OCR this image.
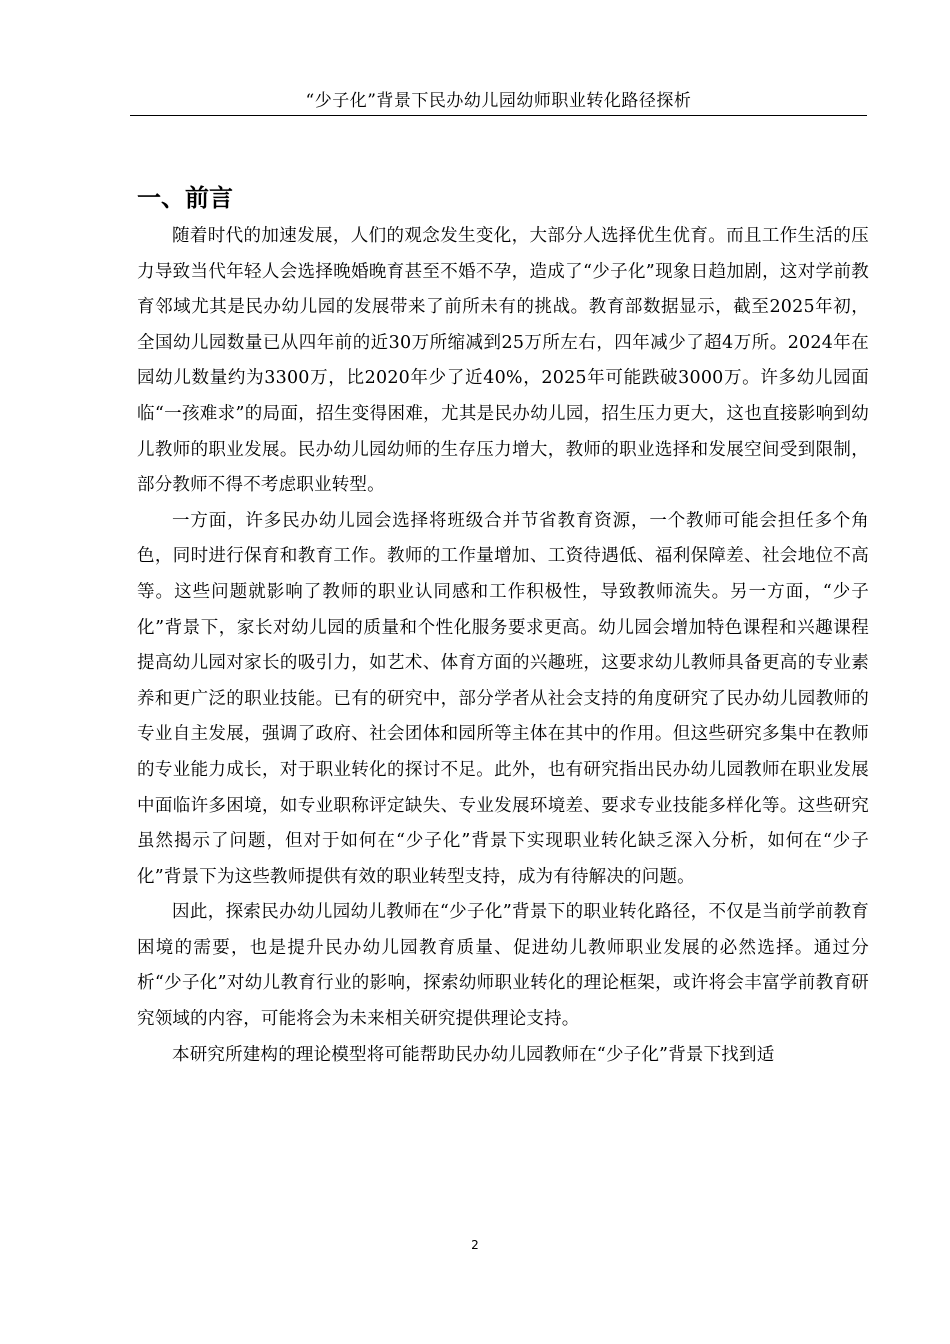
“少子化”背景下民办幼儿园幼师职业转化路径探析
一、前言

随着时代的加速发展，人们的观念发生变化，大部分人选择优生优育。而且工作生活的压力导致当代年轻人会选择晚婚晚育甚至不婚不孕，造成了“少子化”现象日趋加剧，这对学前教育邻域尤其是民办幼儿园的发展带来了前所未有的挑战。教育部数据显示，截至2025年初，全国幼儿园数量已从四年前的近30万所缩减到25万所左右，四年减少了超4万所。2024年在园幼儿数量约为3300万，比2020年少了近40%，2025年可能跌破3000万。许多幼儿园面临“一孩难求”的局面，招生变得困难，尤其是民办幼儿园，招生压力更大，这也直接影响到幼儿教师的职业发展。民办幼儿园幼师的生存压力增大，教师的职业选择和发展空间受到限制，部分教师不得不考虑职业转型。

一方面，许多民办幼儿园会选择将班级合并节省教育资源，一个教师可能会担任多个角色，同时进行保育和教育工作。教师的工作量增加、工资待遇低、福利保障差、社会地位不高等。这些问题就影响了教师的职业认同感和工作积极性，导致教师流失。另一方面，“少子化”背景下，家长对幼儿园的质量和个性化服务要求更高。幼儿园会增加特色课程和兴趣课程提高幼儿园对家长的吸引力，如艺术、体育方面的兴趣班，这要求幼儿教师具备更高的专业素养和更广泛的职业技能。已有的研究中，部分学者从社会支持的角度研究了民办幼儿园教师的专业自主发展，强调了政府、社会团体和园所等主体在其中的作用。但这些研究多集中在教师的专业能力成长，对于职业转化的探讨不足。此外，也有研究指出民办幼儿园教师在职业发展中面临许多困境，如专业职称评定缺失、专业发展环境差、要求专业技能多样化等。这些研究虽然揭示了问题，但对于如何在“少子化”背景下实现职业转化缺乏深入分析，如何在“少子化”背景下为这些教师提供有效的职业转型支持，成为有待解决的问题。

因此，探索民办幼儿园幼儿教师在“少子化”背景下的职业转化路径，不仅是当前学前教育困境的需要，也是提升民办幼儿园教育质量、促进幼儿教师职业发展的必然选择。通过分析“少子化”对幼儿教育行业的影响，探索幼师职业转化的理论框架，或许将会丰富学前教育研究领域的内容，可能将会为未来相关研究提供理论支持。

本研究所建构的理论模型将可能帮助民办幼儿园教师在“少子化”背景下找到适

2
